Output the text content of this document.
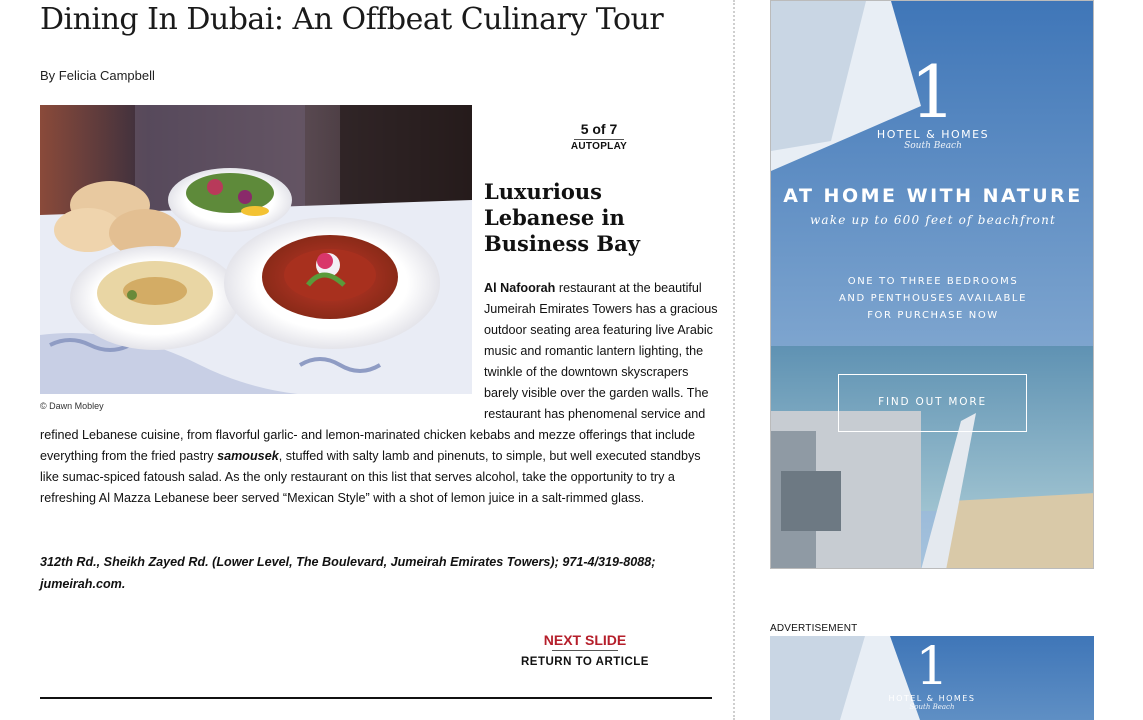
Dining In Dubai: An Offbeat Culinary Tour
By Felicia Campbell
© Dawn Mobley
5 of 7
AUTOPLAY
Luxurious Lebanese in Business Bay
Al Nafoorah restaurant at the beautiful Jumeirah Emirates Towers has a gracious outdoor seating area featuring live Arabic music and romantic lantern lighting, the twinkle of the downtown skyscrapers barely visible over the garden walls. The restaurant has phenomenal service and refined Lebanese cuisine, from flavorful garlic- and lemon-marinated chicken kebabs and mezze offerings that include everything from the fried pastry samousek, stuffed with salty lamb and pinenuts, to simple, but well executed standbys like sumac-spiced fatoush salad. As the only restaurant on this list that serves alcohol, take the opportunity to try a refreshing Al Mazza Lebanese beer served “Mexican Style” with a shot of lemon juice in a salt-rimmed glass.
312th Rd., Sheikh Zayed Rd. (Lower Level, The Boulevard, Jumeirah Emirates Towers); 971-4/319-8088; jumeirah.com.
NEXT SLIDE
RETURN TO ARTICLE
1
HOTEL & HOMES
South Beach
AT HOME WITH NATURE
wake up to 600 feet of beachfront
ONE TO THREE BEDROOMS
AND PENTHOUSES AVAILABLE
FOR PURCHASE NOW
FIND OUT MORE
ADVERTISEMENT
1
HOTEL & HOMES
South Beach
